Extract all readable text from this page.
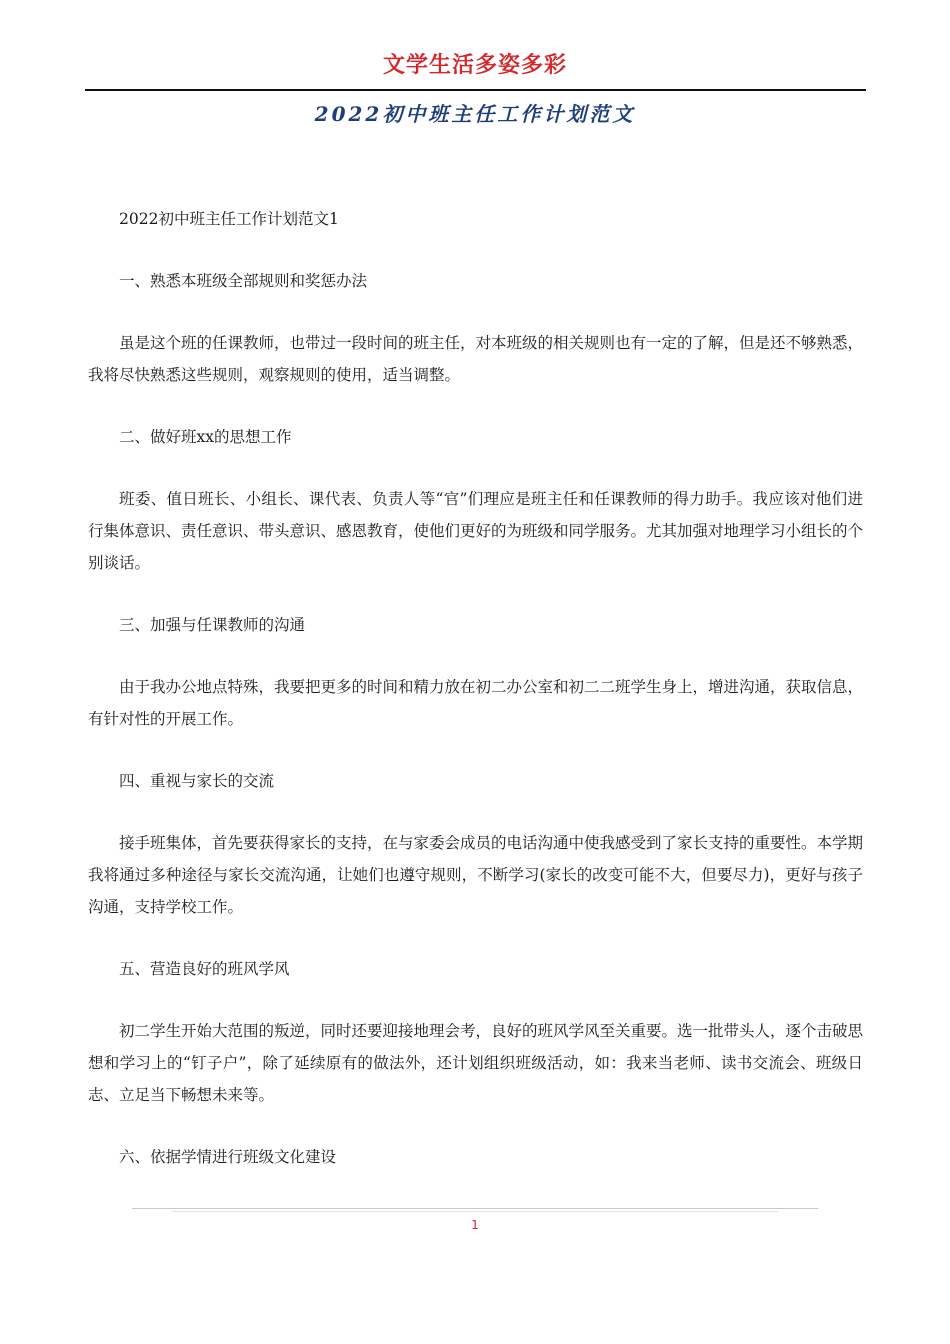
文学生活多姿多彩
2022初中班主任工作计划范文

2022初中班主任工作计划范文1

一、熟悉本班级全部规则和奖惩办法

虽是这个班的任课教师，也带过一段时间的班主任，对本班级的相关规则也有一定的了解，但是还不够熟悉，我将尽快熟悉这些规则，观察规则的使用，适当调整。

二、做好班xx的思想工作

班委、值日班长、小组长、课代表、负责人等“官”们理应是班主任和任课教师的得力助手。我应该对他们进行集体意识、责任意识、带头意识、感恩教育，使他们更好的为班级和同学服务。尤其加强对地理学习小组长的个别谈话。

三、加强与任课教师的沟通

由于我办公地点特殊，我要把更多的时间和精力放在初二办公室和初二二班学生身上，增进沟通，获取信息，有针对性的开展工作。

四、重视与家长的交流

接手班集体，首先要获得家长的支持，在与家委会成员的电话沟通中使我感受到了家长支持的重要性。本学期我将通过多种途径与家长交流沟通，让她们也遵守规则，不断学习(家长的改变可能不大，但要尽力)，更好与孩子沟通，支持学校工作。

五、营造良好的班风学风

初二学生开始大范围的叛逆，同时还要迎接地理会考，良好的班风学风至关重要。选一批带头人，逐个击破思想和学习上的“钉子户”，除了延续原有的做法外，还计划组织班级活动，如：我来当老师、读书交流会、班级日志、立足当下畅想未来等。

六、依据学情进行班级文化建设

1
